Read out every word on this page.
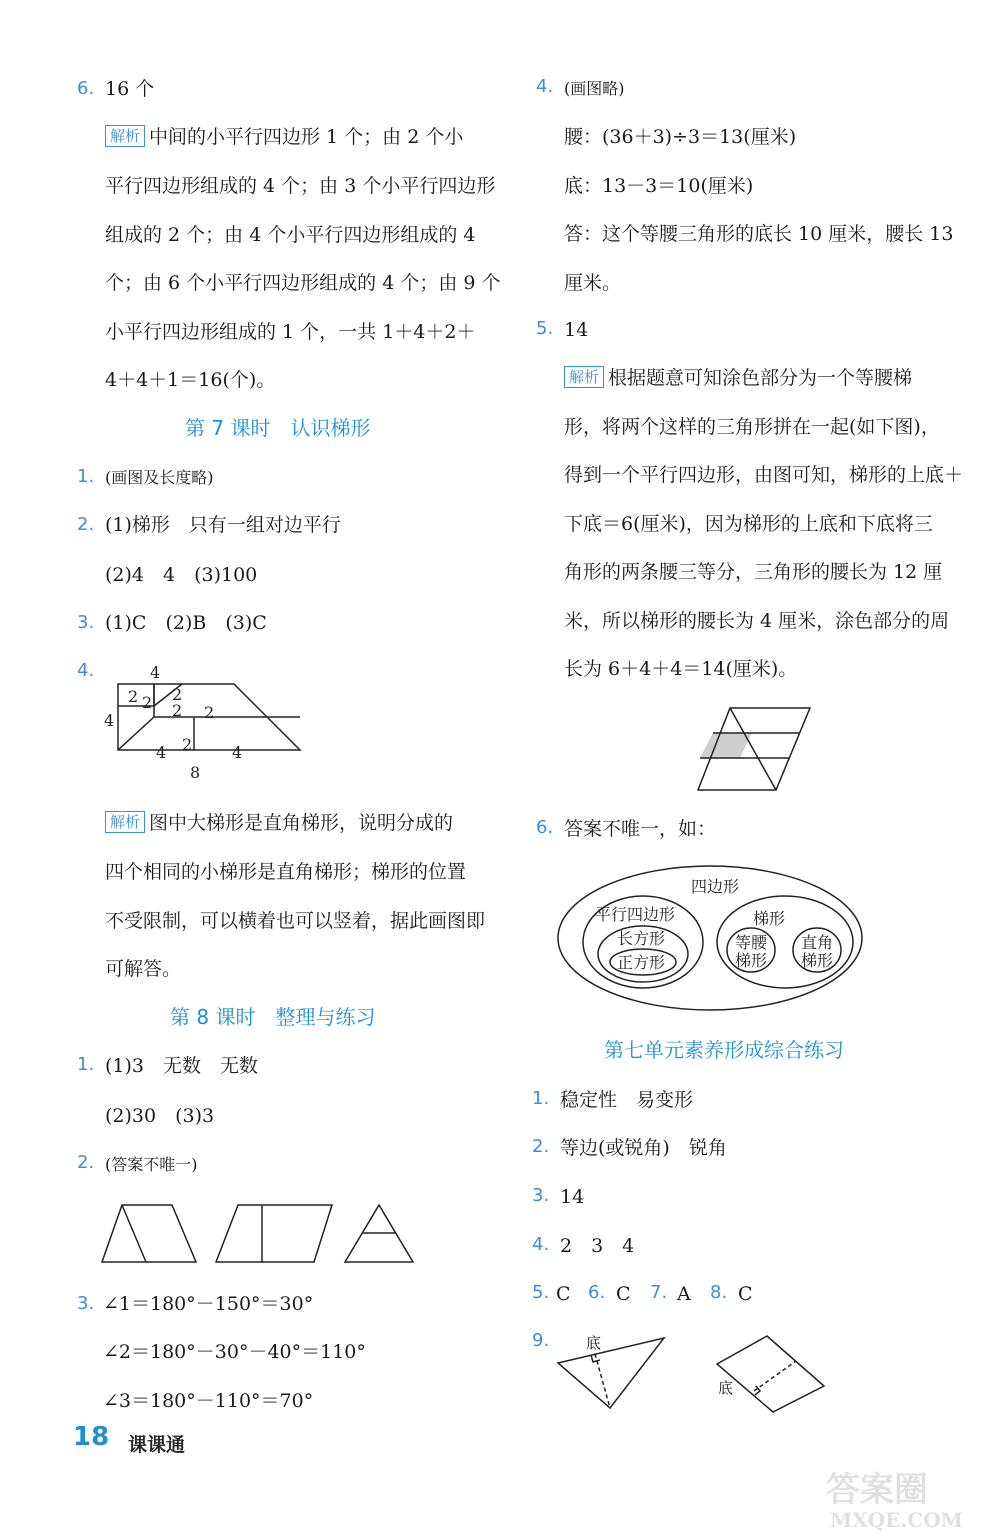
6. 16 个
解析 中间的小平行四边形 1 个；由 2 个小
平行四边形组成的 4 个；由 3 个小平行四边形
组成的 2 个；由 4 个小平行四边形组成的 4
个；由 6 个小平行四边形组成的 4 个；由 9 个
小平行四边形组成的 1 个，一共 1＋4＋2＋
4＋4＋1＝16(个)。
第 7 课时　认识梯形
1. (画图及长度略)
2. (1)梯形　只有一组对边平行
(2)4　4　(3)100
3. (1)C　(2)B　(3)C
4.	4
4
8
2 2 2
2 2
2
4	4
解析 图中大梯形是直角梯形，说明分成的
四个相同的小梯形是直角梯形；梯形的位置
不受限制，可以横着也可以竖着，据此画图即
可解答。
第 8 课时　整理与练习
1. (1)3　无数　无数
(2)30　(3)3
2. (答案不唯一)
3. ∠1＝180°－150°＝30°
∠2＝180°－30°－40°＝110°
∠3＝180°－110°＝70°
4. (画图略)
腰：(36＋3)÷3＝13(厘米)
底：13－3＝10(厘米)
答：这个等腰三角形的底长 10 厘米，腰长 13
厘米。
5. 14
解析 根据题意可知涂色部分为一个等腰梯
形，将两个这样的三角形拼在一起(如下图)，
得到一个平行四边形，由图可知，梯形的上底＋
下底＝6(厘米)，因为梯形的上底和下底将三
角形的两条腰三等分，三角形的腰长为 12 厘
米，所以梯形的腰长为 4 厘米，涂色部分的周
长为 6＋4＋4＝14(厘米)。
6. 答案不唯一，如：
四边形
平行四边形
长方形
正方形
梯形
等腰
梯形
直角
梯形
第七单元素养形成综合练习
1. 稳定性　易变形
2. 等边(或锐角)　锐角
3. 14
4. 2　3　4
5. C 6. C 7. A 8. C
9. 底
底
18 课课通
答案圈
MXQE.COM
